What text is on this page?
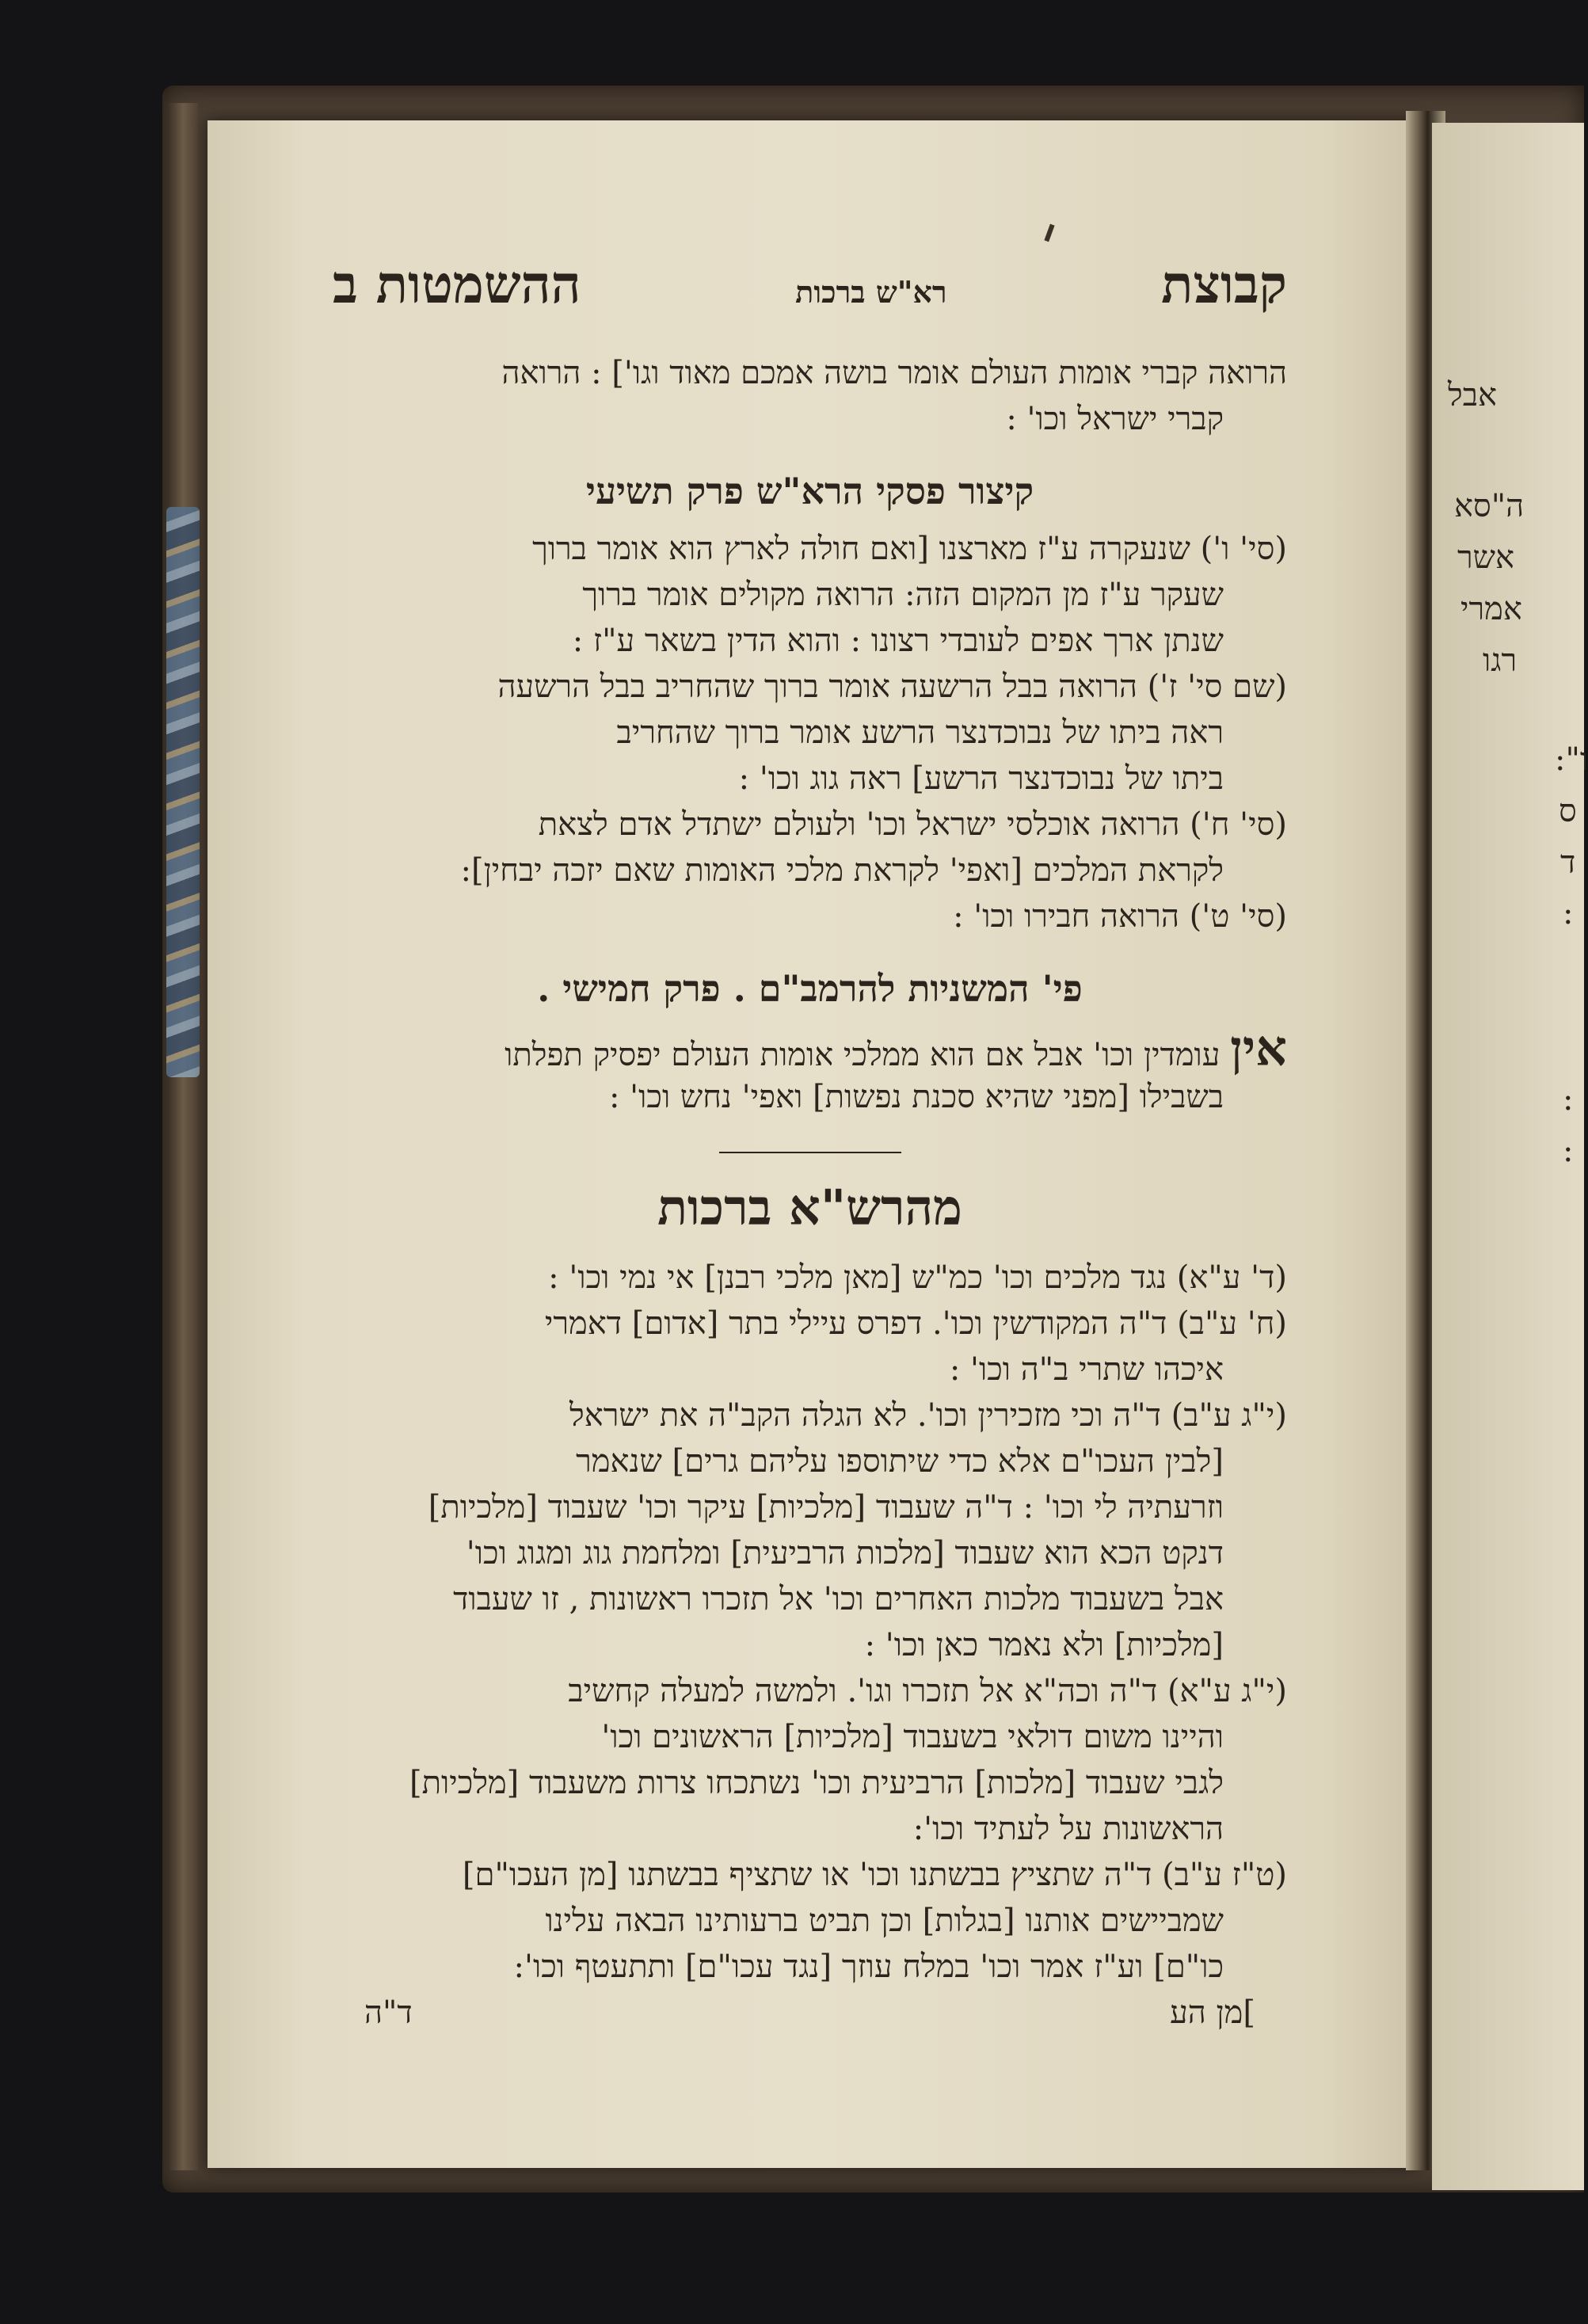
אבל
ה"סא
אשר
אמרי
רגו
ו":
ס
ד
:
:
:
קבוצת
רא"ש ברכות
ההשמטות ב
הרואה קברי אומות העולם אומר בושה אמכם מאוד וגו'] : הרואה
קברי ישראל וכו' :
קיצור פסקי הרא"ש פרק תשיעי
(סי' ו') שנעקרה ע"ז מארצנו [ואם חולה לארץ הוא אומר ברוך
שעקר ע"ז מן המקום הזה: הרואה מקולים אומר ברוך
שנתן ארך אפים לעובדי רצונו : והוא הדין בשאר ע"ז :
(שם סי' ז') הרואה בבל הרשעה אומר ברוך שהחריב בבל הרשעה
ראה ביתו של נבוכדנצר הרשע אומר ברוך שהחריב
ביתו של נבוכדנצר הרשע] ראה גוג וכו' :
(סי' ח') הרואה אוכלסי ישראל וכו' ולעולם ישתדל אדם לצאת
לקראת המלכים [ואפי' לקראת מלכי האומות שאם יזכה יבחין]:
(סי' ט') הרואה חבירו וכו' :
פי' המשניות להרמב"ם . פרק חמישי .
אין עומדין וכו' אבל אם הוא ממלכי אומות העולם יפסיק תפלתו
בשבילו [מפני שהיא סכנת נפשות] ואפי' נחש וכו' :
מהרש"א ברכות
(ד' ע"א) נגד מלכים וכו' כמ"ש [מאן מלכי רבנן] אי נמי וכו' :
(ח' ע"ב) ד"ה המקודשין וכו'. דפרס עיילי בתר [אדום] דאמרי
איכהו שתרי ב"ה וכו' :
(י"ג ע"ב) ד"ה וכי מזכירין וכו'. לא הגלה הקב"ה את ישראל
[לבין העכו"ם אלא כדי שיתוספו עליהם גרים] שנאמר
וזרעתיה לי וכו' : ד"ה שעבוד [מלכיות] עיקר וכו' שעבוד [מלכיות]
דנקט הכא הוא שעבוד [מלכות הרביעית] ומלחמת גוג ומגוג וכו'
אבל בשעבוד מלכות האחרים וכו' אל תזכרו ראשונות , זו שעבוד
[מלכיות] ולא נאמר כאן וכו' :
(י"ג ע"א) ד"ה וכה"א אל תזכרו וגו'. ולמשה למעלה קחשיב
והיינו משום דולאי בשעבוד [מלכיות] הראשונים וכו'
לגבי שעבוד [מלכות] הרביעית וכו' נשתכחו צרות משעבוד [מלכיות]
הראשונות על לעתיד וכו':
(ט"ז ע"ב) ד"ה שתציץ בבשתנו וכו' או שתציף בבשתנו [מן העכו"ם]
שמביישים אותנו [בגלות] וכן תביט ברעותינו הבאה עלינו
כו"ם] וע"ז אמר וכו' במלח עוזך [נגד עכו"ם] ותתעטף וכו':
]מן הע
ד"ה
